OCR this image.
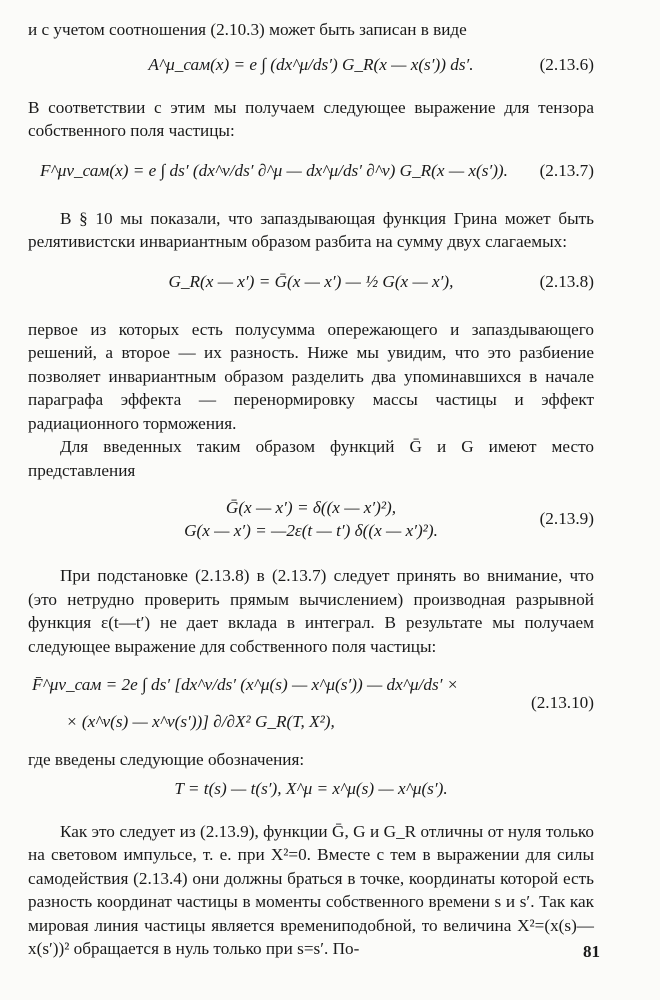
и с учетом соотношения (2.10.3) может быть записан в виде

A^μ_сам(x) = e ∫ (dx^μ/ds′) G_R(x — x(s′)) ds′.	(2.13.6)

В соответствии с этим мы получаем следующее выражение для тензора собственного поля частицы:

F^μν_сам(x) = e ∫ ds′ (dx^ν/ds′ ∂^μ — dx^μ/ds′ ∂^ν) G_R(x — x(s′)).	(2.13.7)

В § 10 мы показали, что запаздывающая функция Грина может быть релятивистски инвариантным образом разбита на сумму двух слагаемых:

G_R(x — x′) = Ḡ(x — x′) — ½ G(x — x′),	(2.13.8)

первое из которых есть полусумма опережающего и запаздывающего решений, а второе — их разность. Ниже мы увидим, что это разбиение позволяет инвариантным образом разделить два упоминавшихся в начале параграфа эффекта — перенормировку массы частицы и эффект радиационного торможения.

Для введенных таким образом функций Ḡ и G имеют место представления

Ḡ(x — x′) = δ((x — x′)²),
G(x — x′) = —2ε(t — t′) δ((x — x′)²).
(2.13.9)

При подстановке (2.13.8) в (2.13.7) следует принять во внимание, что (это нетрудно проверить прямым вычислением) производная разрывной функция ε(t—t′) не дает вклада в интеграл. В результате мы получаем следующее выражение для собственного поля частицы:

F̄^μν_сам = 2e ∫ ds′ [dx^ν/ds′ (x^μ(s) — x^μ(s′)) — dx^μ/ds′ ×
× (x^ν(s) — x^ν(s′))] ∂/∂X² G_R(T, X²),
(2.13.10)

где введены следующие обозначения:

T = t(s) — t(s′), X^μ = x^μ(s) — x^μ(s′).

Как это следует из (2.13.9), функции Ḡ, G и G_R отличны от нуля только на световом импульсе, т. е. при X²=0. Вместе с тем в выражении для силы самодействия (2.13.4) они должны браться в точке, координаты которой есть разность координат частицы в моменты собственного времени s и s′. Так как мировая линия частицы является времениподобной, то величина X²=(x(s)—x(s′))² обращается в нуль только при s=s′. По-	81
